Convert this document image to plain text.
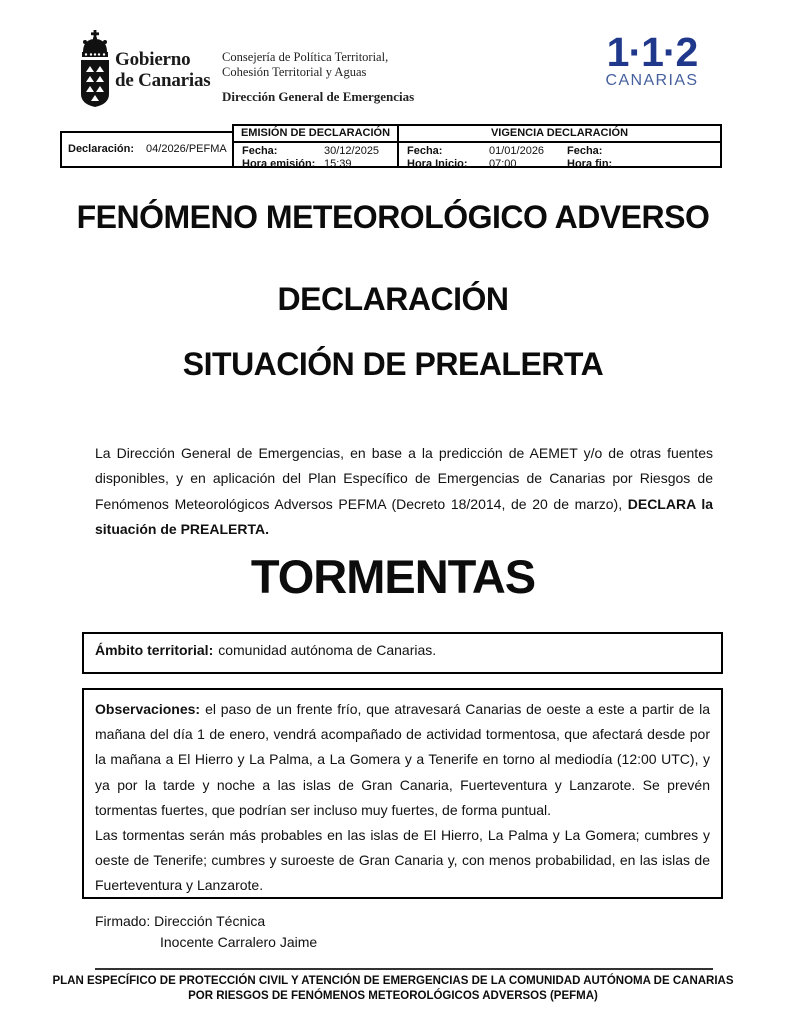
Gobierno
de Canarias
Consejería de Política Territorial,
Cohesión Territorial y Aguas
Dirección General de Emergencias
1·1·2
CANARIAS
Declaración: 04/2026/PEFMA
EMISIÓN DE DECLARACIÓN
Fecha:	30/12/2025
Hora emisión: 15:39
VIGENCIA DECLARACIÓN
Fecha:	01/01/2026	Fecha:
Hora Inicio:	07:00	Hora fin:
FENÓMENO METEOROLÓGICO ADVERSO
DECLARACIÓN
SITUACIÓN DE PREALERTA

La Dirección General de Emergencias, en base a la predicción de AEMET y/o de otras fuentes disponibles, y en aplicación del Plan Específico de Emergencias de Canarias por Riesgos de Fenómenos Meteorológicos Adversos PEFMA (Decreto 18/2014, de 20 de marzo), DECLARA la situación de PREALERTA.

TORMENTAS
Ámbito territorial: comunidad autónoma de Canarias.

Observaciones: el paso de un frente frío, que atravesará Canarias de oeste a este a partir de la mañana del día 1 de enero, vendrá acompañado de actividad tormentosa, que afectará desde por la mañana a El Hierro y La Palma, a La Gomera y a Tenerife en torno al mediodía (12:00 UTC), y ya por la tarde y noche a las islas de Gran Canaria, Fuerteventura y Lanzarote. Se prevén tormentas fuertes, que podrían ser incluso muy fuertes, de forma puntual.

Las tormentas serán más probables en las islas de El Hierro, La Palma y La Gomera; cumbres y oeste de Tenerife; cumbres y suroeste de Gran Canaria y, con menos probabilidad, en las islas de Fuerteventura y Lanzarote.

Firmado: Dirección Técnica
Inocente Carralero Jaime
PLAN ESPECÍFICO DE PROTECCIÓN CIVIL Y ATENCIÓN DE EMERGENCIAS DE LA COMUNIDAD AUTÓNOMA DE CANARIAS
POR RIESGOS DE FENÓMENOS METEOROLÓGICOS ADVERSOS (PEFMA)
